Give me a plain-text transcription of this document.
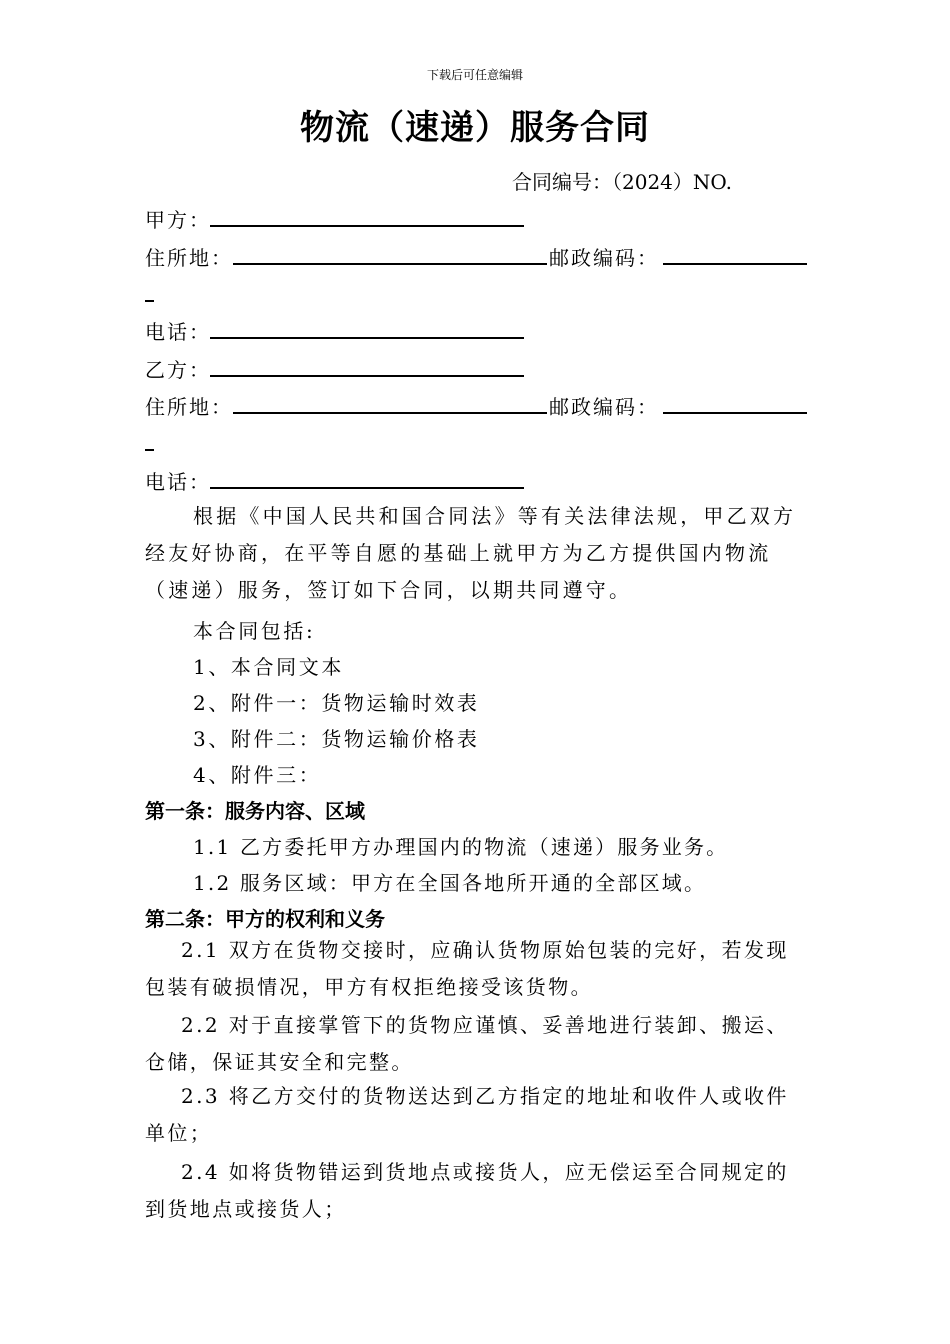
下载后可任意编辑
物流（速递）服务合同
合同编号：（2024）NO.
甲方：
住所地：	邮政编码：
电话：
乙方：
住所地：	邮政编码：
电话：
根据《中国人民共和国合同法》等有关法律法规，甲乙双方经友好协商，在平等自愿的基础上就甲方为乙方提供国内物流（速递）服务，签订如下合同，以期共同遵守。
本合同包括:
1、本合同文本
2、附件一：货物运输时效表
3、附件二：货物运输价格表
4、附件三：
第一条：服务内容、区域
1.1 乙方委托甲方办理国内的物流（速递）服务业务。
1.2 服务区域：甲方在全国各地所开通的全部区域。
第二条：甲方的权利和义务
2.1 双方在货物交接时，应确认货物原始包装的完好，若发现包装有破损情况，甲方有权拒绝接受该货物。
2.2 对于直接掌管下的货物应谨慎、妥善地进行装卸、搬运、仓储，保证其安全和完整。
2.3 将乙方交付的货物送达到乙方指定的地址和收件人或收件单位；
2.4 如将货物错运到货地点或接货人，应无偿运至合同规定的到货地点或接货人；
